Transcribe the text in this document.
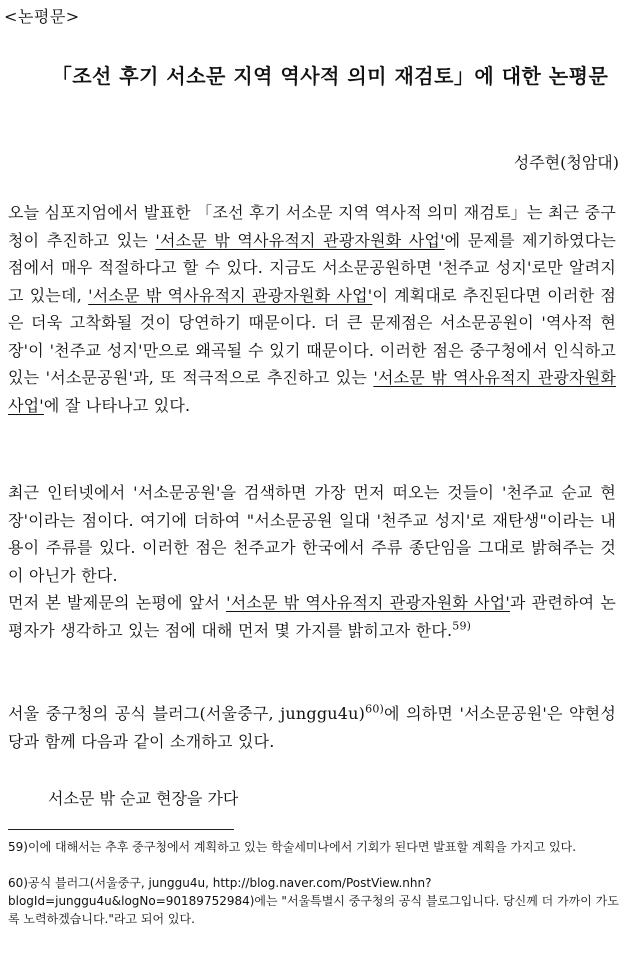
<논평문>
「조선 후기 서소문 지역 역사적 의미 재검토」에 대한 논평문
성주현(청암대)
오늘 심포지엄에서 발표한 「조선 후기 서소문 지역 역사적 의미 재검토」는 최근 중구청이 추진하고 있는 '서소문 밖 역사유적지 관광자원화 사업'에 문제를 제기하였다는 점에서 매우 적절하다고 할 수 있다. 지금도 서소문공원하면 '천주교 성지'로만 알려지고 있는데, '서소문 밖 역사유적지 관광자원화 사업'이 계획대로 추진된다면 이러한 점은 더욱 고착화될 것이 당연하기 때문이다. 더 큰 문제점은 서소문공원이 '역사적 현장'이 '천주교 성지'만으로 왜곡될 수 있기 때문이다. 이러한 점은 중구청에서 인식하고 있는 '서소문공원'과, 또 적극적으로 추진하고 있는 '서소문 밖 역사유적지 관광자원화 사업'에 잘 나타나고 있다.
최근 인터넷에서 '서소문공원'을 검색하면 가장 먼저 떠오는 것들이 '천주교 순교 현장'이라는 점이다. 여기에 더하여 "서소문공원 일대 '천주교 성지'로 재탄생"이라는 내용이 주류를 있다. 이러한 점은 천주교가 한국에서 주류 종단임을 그대로 밝혀주는 것이 아닌가 한다.
먼저 본 발제문의 논평에 앞서 '서소문 밖 역사유적지 관광자원화 사업'과 관련하여 논평자가 생각하고 있는 점에 대해 먼저 몇 가지를 밝히고자 한다.$^{59)}$
서울 중구청의 공식 블러그(서울중구, junggu4u)$^{60)}$에 의하면 '서소문공원'은 약현성당과 함께 다음과 같이 소개하고 있다.
서소문 밖 순교 현장을 가다
59)이에 대해서는 추후 중구청에서 계획하고 있는 학술세미나에서 기회가 된다면 발표할 계획을 가지고 있다.
60)공식 블러그(서울중구, junggu4u, http://blog.naver.com/PostView.nhn?blogId=junggu4u&logNo=90189752984)에는 "서울특별시 중구청의 공식 블로그입니다. 당신께 더 가까이 가도록 노력하겠습니다."라고 되어 있다.
